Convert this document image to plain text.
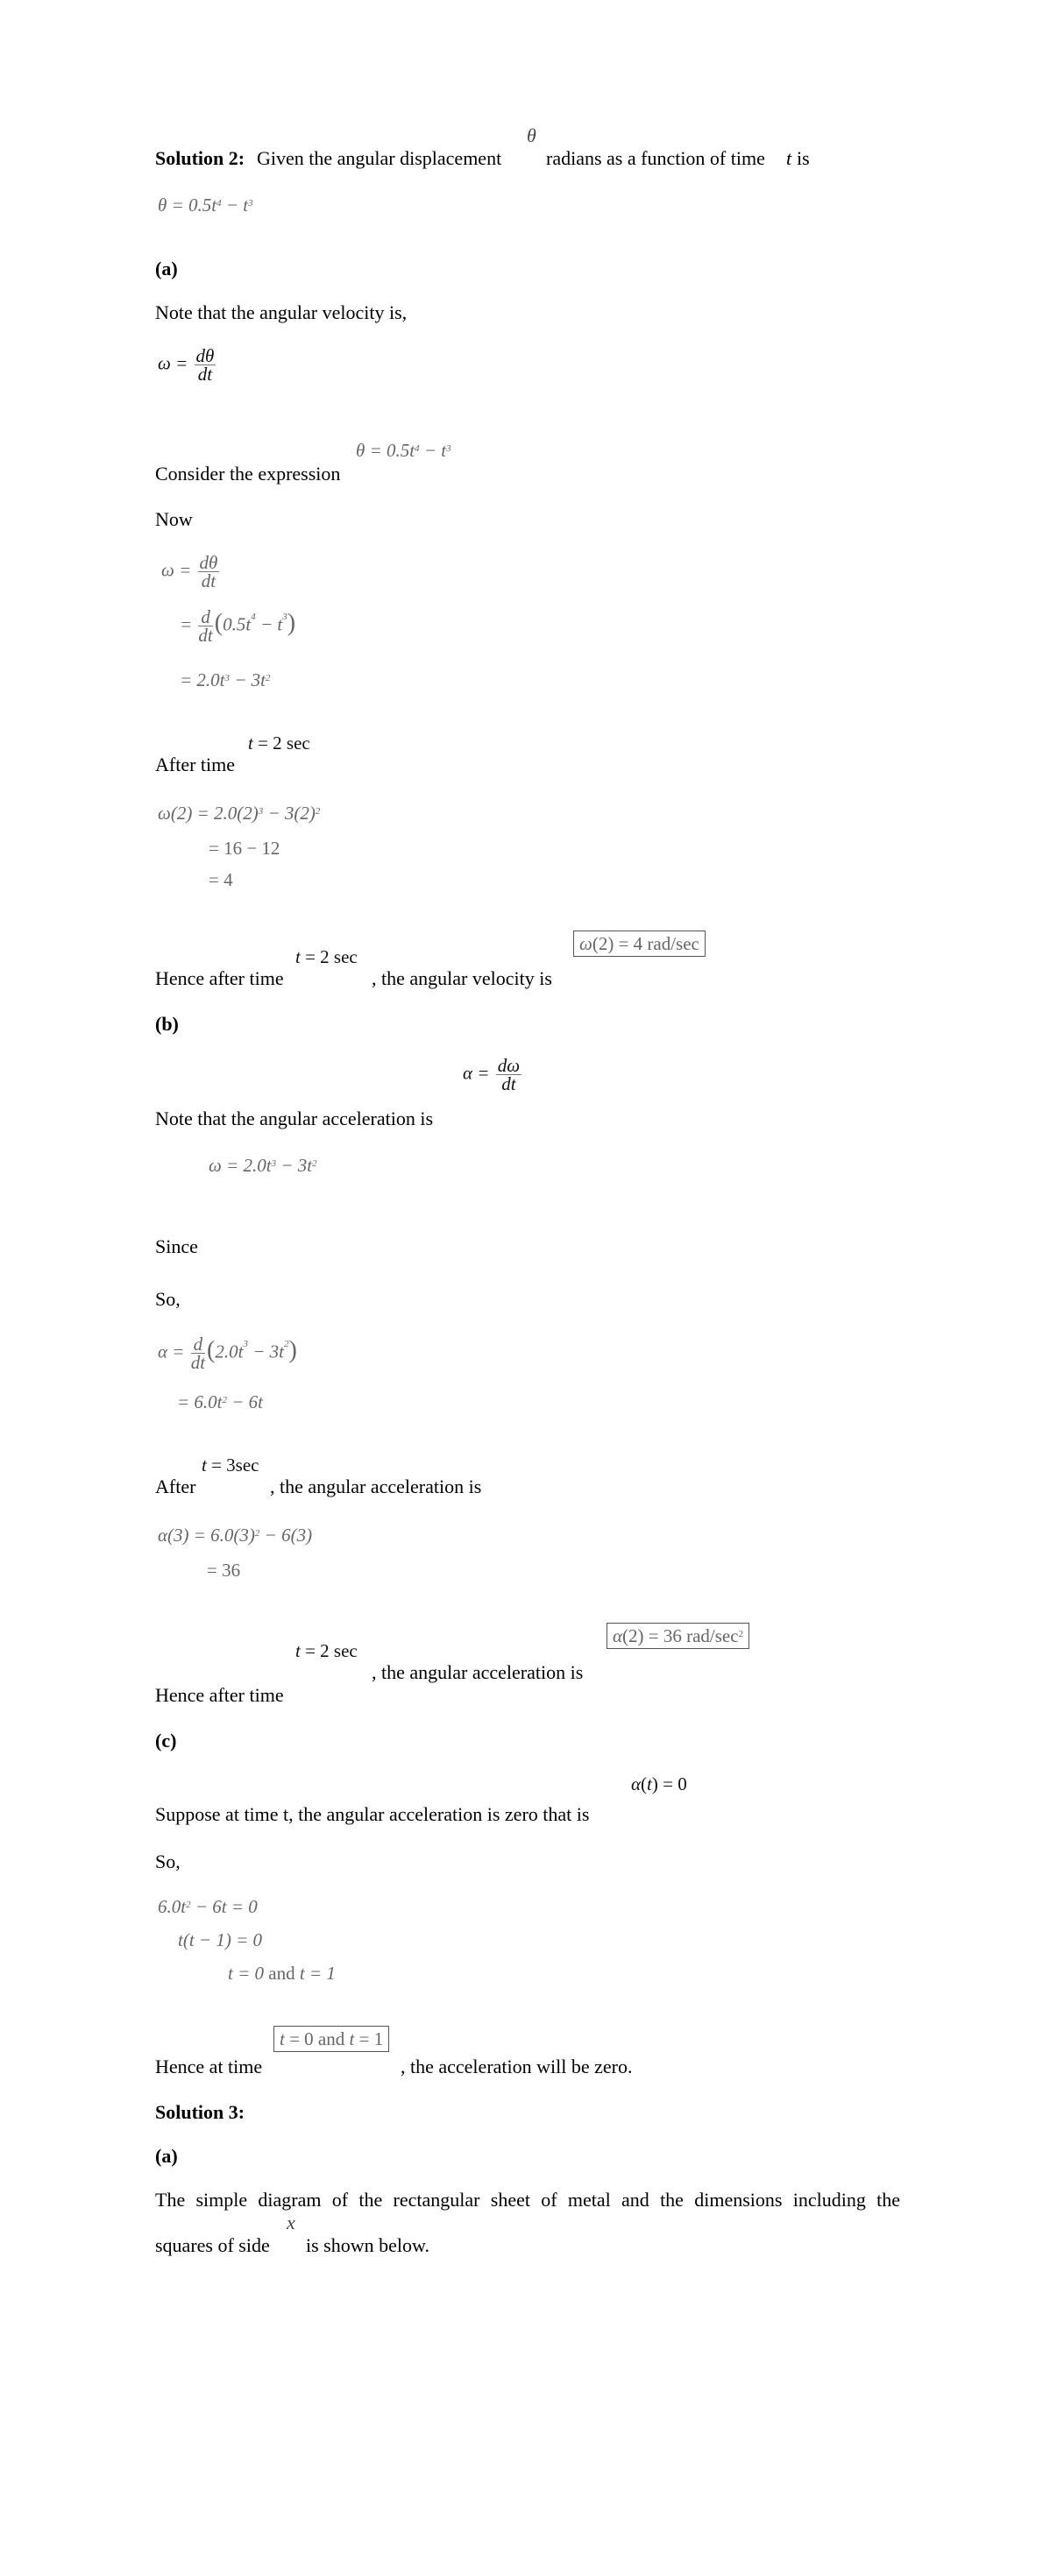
Solution 2: Given the angular displacement
θ
radians as a function of time t is
$\theta = 0.5t^4 - t^3$
(a)
Note that the angular velocity is,
$\omega = \frac{d\theta}{dt}$
$\theta = 0.5t^4 - t^3$
Consider the expression
Now
$\omega = \frac{d\theta}{dt}$
= $\frac{d}{dt} (0.5t^4 - t^3)$
= $2.0t^3 - 3t^2$
t = 2 sec
After time
$\omega(2) = 2.0(2)^3 - 3(2)^2$
= 16 − 12
= 4
Hence after time
t = 2 sec
, the angular velocity is
ω(2) = 4 rad/sec
(b)
$\alpha = \frac{d\omega}{dt}$
Note that the angular acceleration is
$\omega = 2.0t^3 - 3t^2$
Since
So,
$\alpha = \frac{d}{dt} (2.0t^3 - 3t^2)$
= $6.0t^2 - 6t$
After
t = 3sec
, the angular acceleration is
$\alpha(3) = 6.0(3)^2 - 6(3)$
= 36
t = 2 sec
, the angular acceleration is
α(2) = 36 rad/$\sec^2$
Hence after time
(c)
α(t) = 0
Suppose at time t, the angular acceleration is zero that is
So,
$6.0t^2 - 6t = 0$
t(t − 1) = 0
t = 0 and t = 1
t = 0 and t = 1
Hence at time	, the acceleration will be zero.
Solution 3:
(a)
The simple diagram of the rectangular sheet of metal and the dimensions including the
squares of side
x
is shown below.
